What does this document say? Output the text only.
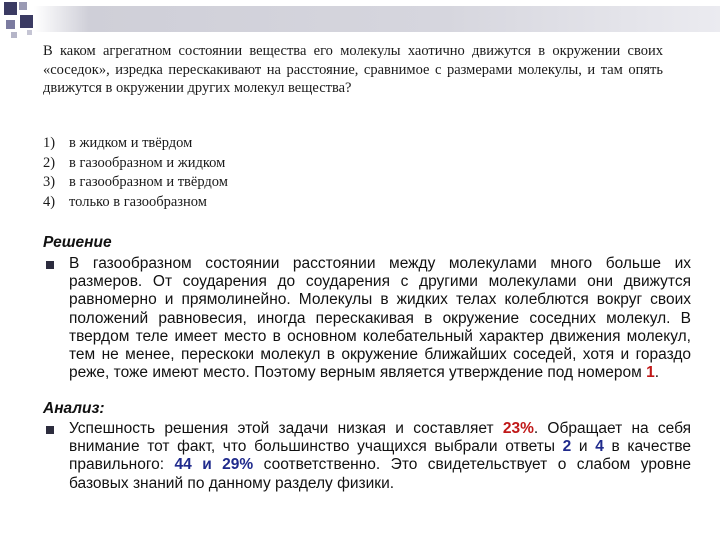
В каком агрегатном состоянии вещества его молекулы хаотично движутся в окружении своих «соседок», изредка перескакивают на расстояние, сравнимое с размерами молекулы, и там опять движутся в окружении других молекул вещества?
1) в жидком и твёрдом
2) в газообразном и жидком
3) в газообразном и твёрдом
4) только в газообразном
Решение
В газообразном состоянии расстоянии между молекулами много больше их размеров. От соударения до соударения с другими молекулами они движутся равномерно и прямолинейно. Молекулы в жидких телах колеблются вокруг своих положений равновесия, иногда перескакивая в окружение соседних молекул. В твердом теле имеет место в основном колебательный характер движения молекул, тем не менее, перескоки молекул в окружение ближайших соседей, хотя и гораздо реже, тоже имеют место. Поэтому верным является утверждение под номером 1.
Анализ:
Успешность решения этой задачи низкая и составляет 23%. Обращает на себя внимание тот факт, что большинство учащихся выбрали ответы 2 и 4 в качестве правильного: 44 и 29% соответственно. Это свидетельствует о слабом уровне базовых знаний по данному разделу физики.
